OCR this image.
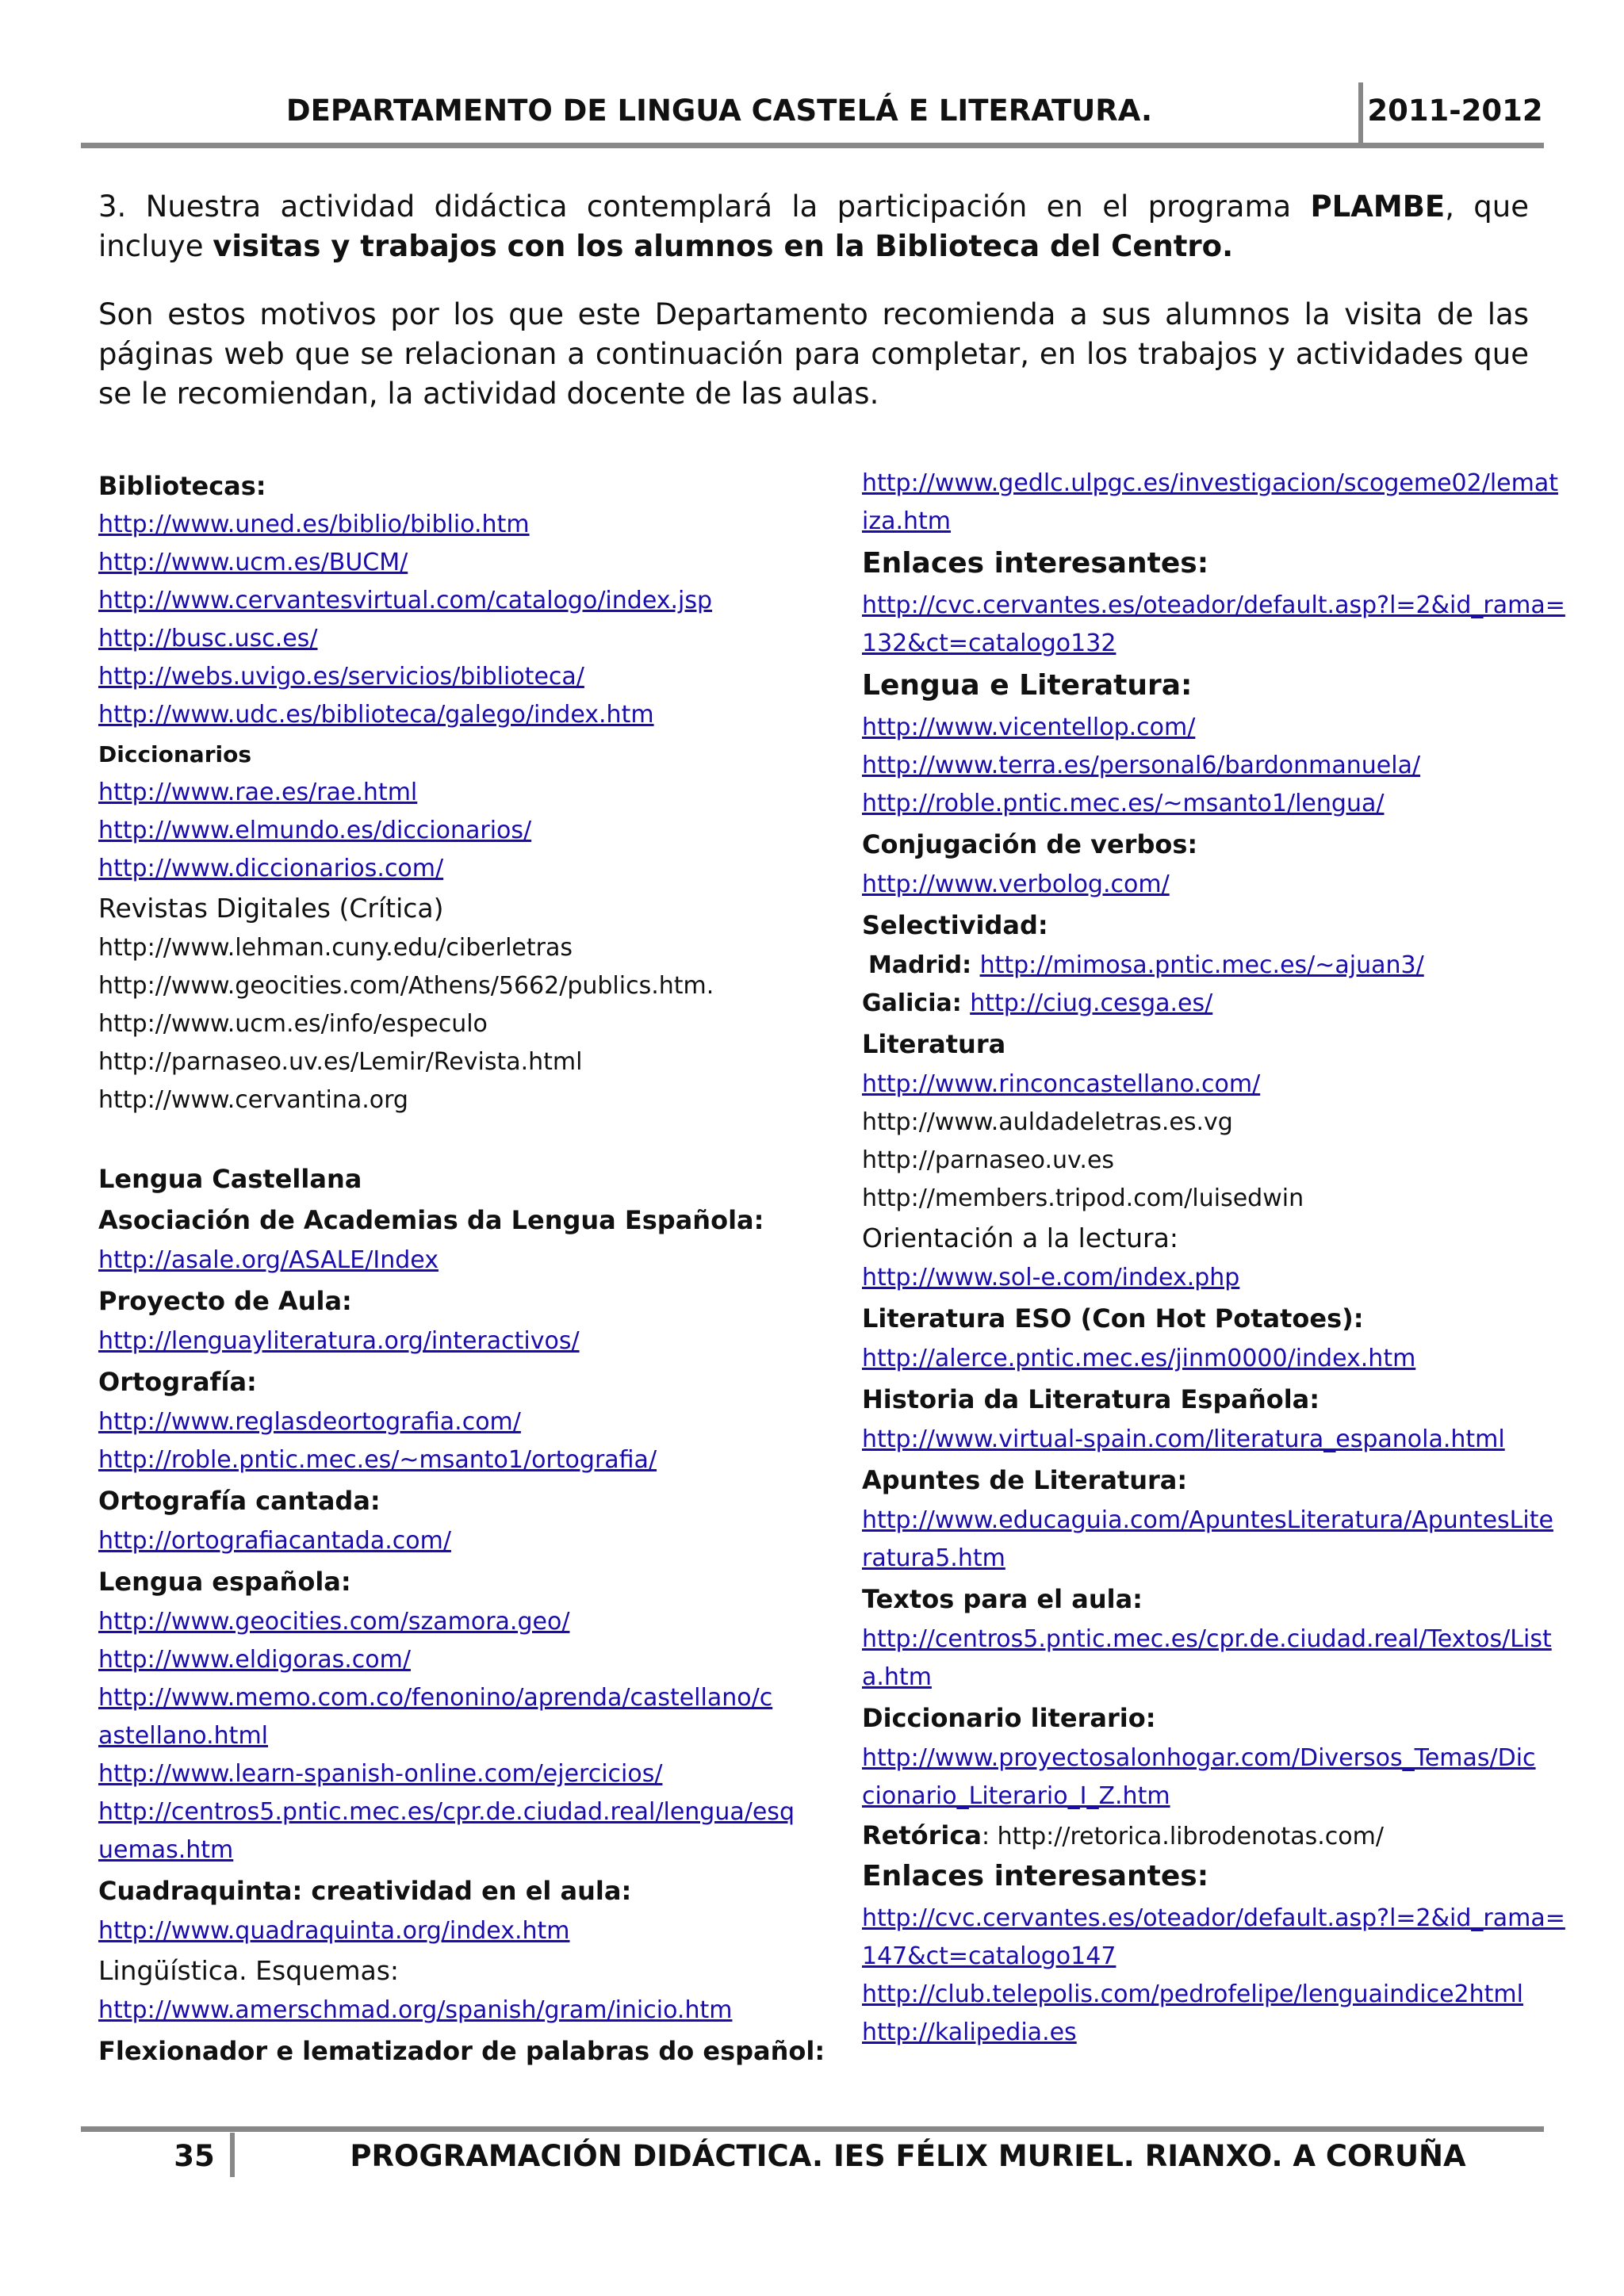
DEPARTAMENTO DE LINGUA CASTELÁ E LITERATURA.	2011-2012
3. Nuestra actividad didáctica contemplará la participación en el programa PLAMBE, que incluye visitas y trabajos con los alumnos en la Biblioteca del Centro.
Son estos motivos por los que este Departamento recomienda a sus alumnos la visita de las páginas web que se relacionan a continuación para completar, en los trabajos y actividades que se le recomiendan, la actividad docente de las aulas.
Bibliotecas:
http://www.uned.es/biblio/biblio.htm
http://www.ucm.es/BUCM/
http://www.cervantesvirtual.com/catalogo/index.jsp
http://busc.usc.es/
http://webs.uvigo.es/servicios/biblioteca/
http://www.udc.es/biblioteca/galego/index.htm
Diccionarios
http://www.rae.es/rae.html
http://www.elmundo.es/diccionarios/
http://www.diccionarios.com/
Revistas Digitales (Crítica)
http://www.lehman.cuny.edu/ciberletras
http://www.geocities.com/Athens/5662/publics.htm.
http://www.ucm.es/info/especulo
http://parnaseo.uv.es/Lemir/Revista.html
http://www.cervantina.org
Lengua Castellana
Asociación de Academias da Lengua Española:
http://asale.org/ASALE/Index
Proyecto de Aula:
http://lenguayliteratura.org/interactivos/
Ortografía:
http://www.reglasdeortografia.com/
http://roble.pntic.mec.es/~msanto1/ortografia/
Ortografía cantada:
http://ortografiacantada.com/
Lengua española:
http://www.geocities.com/szamora.geo/
http://www.eldigoras.com/
http://www.memo.com.co/fenonino/aprenda/castellano/c
astellano.html
http://www.learn-spanish-online.com/ejercicios/
http://centros5.pntic.mec.es/cpr.de.ciudad.real/lengua/esq
uemas.htm
Cuadraquinta: creatividad en el aula:
http://www.quadraquinta.org/index.htm
Lingüística. Esquemas:
http://www.amerschmad.org/spanish/gram/inicio.htm
Flexionador e lematizador de palabras do español:
http://www.gedlc.ulpgc.es/investigacion/scogeme02/lemat
iza.htm
Enlaces interesantes:
http://cvc.cervantes.es/oteador/default.asp?l=2&id_rama=
132&ct=catalogo132
Lengua e Literatura:
http://www.vicentellop.com/
http://www.terra.es/personal6/bardonmanuela/
http://roble.pntic.mec.es/~msanto1/lengua/
Conjugación de verbos:
http://www.verbolog.com/
Selectividad:
Madrid: http://mimosa.pntic.mec.es/~ajuan3/
Galicia: http://ciug.cesga.es/
Literatura
http://www.rinconcastellano.com/
http://www.auldadeletras.es.vg
http://parnaseo.uv.es
http://members.tripod.com/luisedwin
Orientación a la lectura:
http://www.sol-e.com/index.php
Literatura ESO (Con Hot Potatoes):
http://alerce.pntic.mec.es/jinm0000/index.htm
Historia da Literatura Española:
http://www.virtual-spain.com/literatura_espanola.html
Apuntes de Literatura:
http://www.educaguia.com/ApuntesLiteratura/ApuntesLite
ratura5.htm
Textos para el aula:
http://centros5.pntic.mec.es/cpr.de.ciudad.real/Textos/List
a.htm
Diccionario literario:
http://www.proyectosalonhogar.com/Diversos_Temas/Dic
cionario_Literario_I_Z.htm
Retórica: http://retorica.librodenotas.com/
Enlaces interesantes:
http://cvc.cervantes.es/oteador/default.asp?l=2&id_rama=
147&ct=catalogo147
http://club.telepolis.com/pedrofelipe/lenguaindice2html
http://kalipedia.es
35	PROGRAMACIÓN DIDÁCTICA. IES FÉLIX MURIEL. RIANXO. A CORUÑA
